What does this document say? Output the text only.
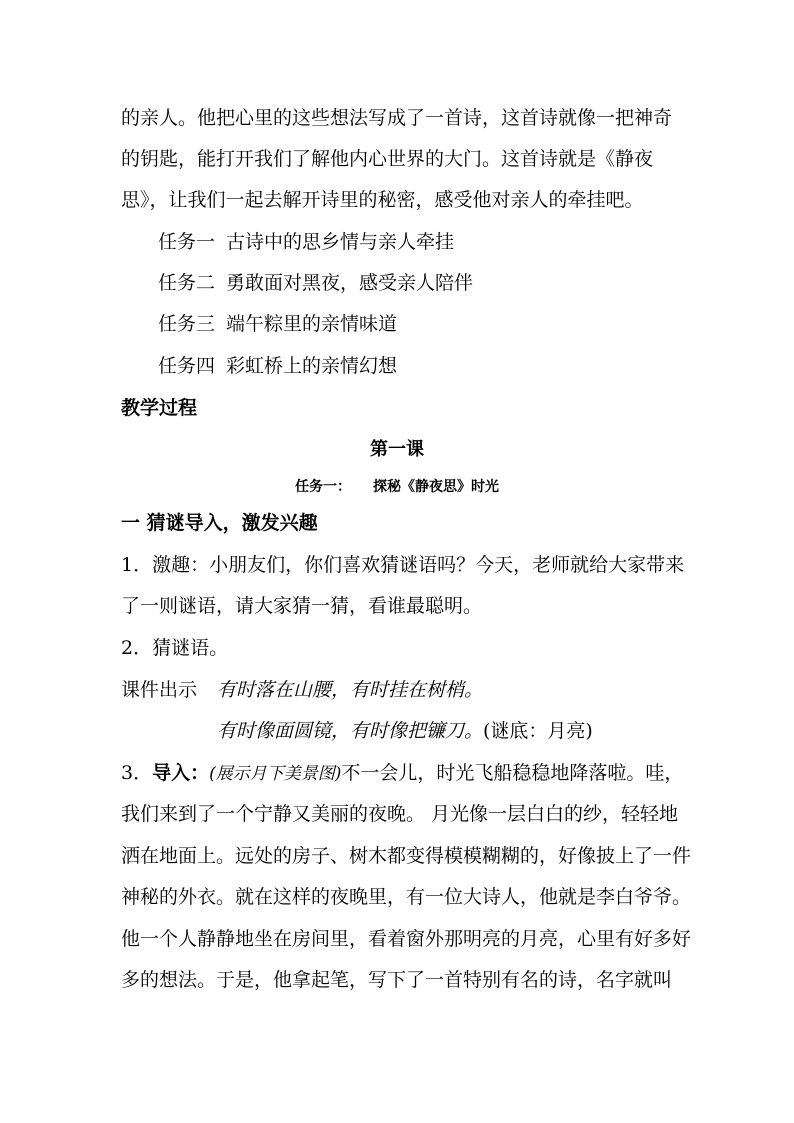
的亲人。他把心里的这些想法写成了一首诗，这首诗就像一把神奇
的钥匙，能打开我们了解他内心世界的大门。这首诗就是《静夜
思》，让我们一起去解开诗里的秘密，感受他对亲人的牵挂吧。
任务一 古诗中的思乡情与亲人牵挂
任务二 勇敢面对黑夜，感受亲人陪伴
任务三 端午粽里的亲情味道
任务四 彩虹桥上的亲情幻想
教学过程
第一课
任务一： 探秘《静夜思》时光
一 猜谜导入，激发兴趣
1．激趣：小朋友们，你们喜欢猜谜语吗？今天，老师就给大家带来
了一则谜语，请大家猜一猜，看谁最聪明。
2．猜谜语。
课件出示 有时落在山腰，有时挂在树梢。
有时像面圆镜，有时像把镰刀。(谜底：月亮)
3．导入：(展示月下美景图)不一会儿，时光飞船稳稳地降落啦。哇，
我们来到了一个宁静又美丽的夜晚。 月光像一层白白的纱，轻轻地
洒在地面上。远处的房子、树木都变得模模糊糊的，好像披上了一件
神秘的外衣。就在这样的夜晚里，有一位大诗人，他就是李白爷爷。
他一个人静静地坐在房间里，看着窗外那明亮的月亮，心里有好多好
多的想法。于是，他拿起笔，写下了一首特别有名的诗，名字就叫
